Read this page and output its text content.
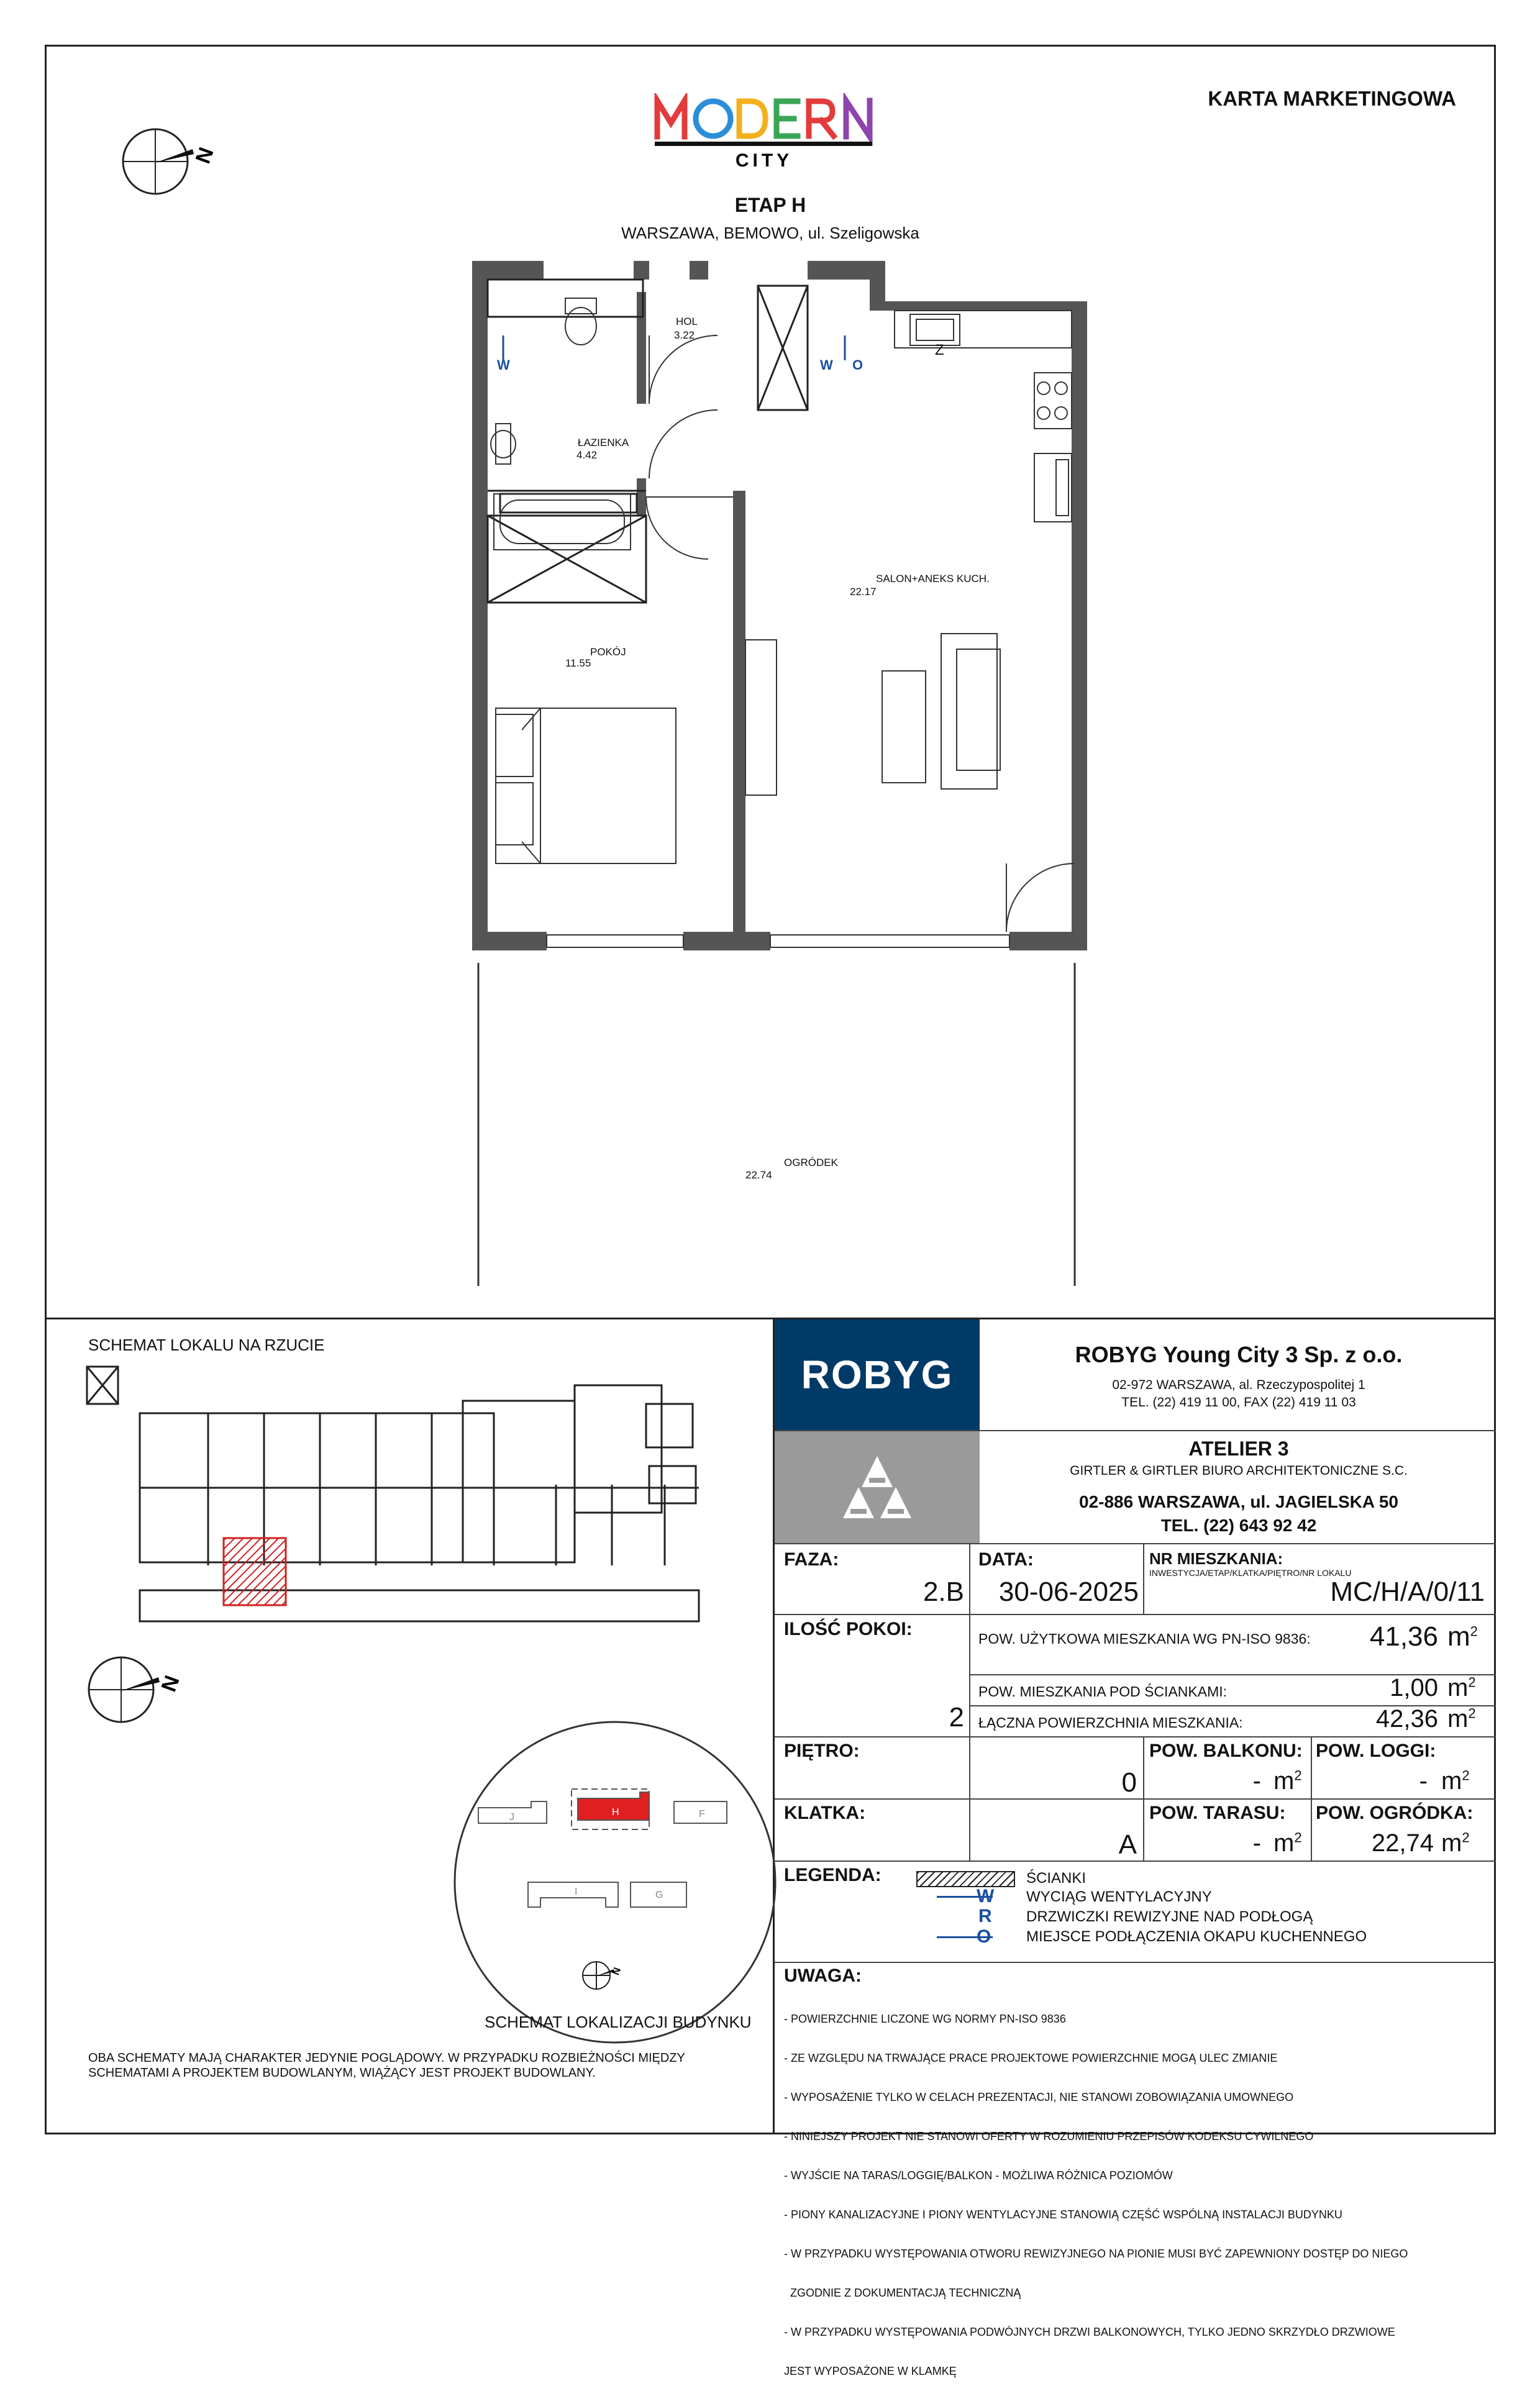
KARTA MARKETINGOWA
CITY
ETAP H
WARSZAWA, BEMOWO, ul. Szeligowska
N
HOL
3.22
ŁAZIENKA
4.42
SALON+ANEKS KUCH.
22.17
POKÓJ
11.55
OGRÓDEK
22.74
W	W O
Z
SCHEMAT LOKALU NA RZUCIE
N
J	H	F
I	G
N
SCHEMAT LOKALIZACJI BUDYNKU
OBA SCHEMATY MAJĄ CHARAKTER JEDYNIE POGLĄDOWY. W PRZYPADKU ROZBIEŻNOŚCI MIĘDZY
SCHEMATAMI A PROJEKTEM BUDOWLANYM, WIĄŻĄCY JEST PROJEKT BUDOWLANY.
ROBYG	ROBYG Young City 3 Sp. z o.o.
02-972 WARSZAWA, al. Rzeczypospolitej 1
TEL. (22) 419 11 00, FAX (22) 419 11 03
ATELIER 3
GIRTLER & GIRTLER BIURO ARCHITEKTONICZNE S.C.
02-886 WARSZAWA, ul. JAGIELSKA 50
TEL. (22) 643 92 42
FAZA:
2.B
DATA:
30-06-2025
NR MIESZKANIA:
INWESTYCJA/ETAP/KLATKA/PIĘTRO/NR LOKALU
MC/H/A/0/11
ILOŚĆ POKOI:
2
POW. UŻYTKOWA MIESZKANIA WG PN-ISO 9836:	41,36 $m^2$
POW. MIESZKANIA POD ŚCIANKAMI:	1,00 $m^2$
ŁĄCZNA POWIERZCHNIA MIESZKANIA:	42,36 $m^2$
PIĘTRO:
0
POW. BALKONU:
- $m^2$
POW. LOGGI:
- $m^2$
KLATKA:
A
POW. TARASU:
- $m^2$
POW. OGRÓDKA:
22,74 $m^2$
LEGENDA:	ŚCIANKI
W WYCIĄG WENTYLACYJNY
R DRZWICZKI REWIZYJNE NAD PODŁOGĄ
O MIEJSCE PODŁĄCZENIA OKAPU KUCHENNEGO
UWAGA:

- POWIERZCHNIE LICZONE WG NORMY PN-ISO 9836

- ZE WZGLĘDU NA TRWAJĄCE PRACE PROJEKTOWE POWIERZCHNIE MOGĄ ULEC ZMIANIE

- WYPOSAŻENIE TYLKO W CELACH PREZENTACJI, NIE STANOWI ZOBOWIĄZANIA UMOWNEGO

- NINIEJSZY PROJEKT NIE STANOWI OFERTY W ROZUMIENIU PRZEPISÓW KODEKSU CYWILNEGO

- WYJŚCIE NA TARAS/LOGGIĘ/BALKON - MOŻLIWA RÓŻNICA POZIOMÓW

- PIONY KANALIZACYJNE I PIONY WENTYLACYJNE STANOWIĄ CZĘŚĆ WSPÓLNĄ INSTALACJI BUDYNKU

- W PRZYPADKU WYSTĘPOWANIA OTWORU REWIZYJNEGO NA PIONIE MUSI BYĆ ZAPEWNIONY DOSTĘP DO NIEGO

ZGODNIE Z DOKUMENTACJĄ TECHNICZNĄ

- W PRZYPADKU WYSTĘPOWANIA PODWÓJNYCH DRZWI BALKONOWYCH, TYLKO JEDNO SKRZYDŁO DRZWIOWE

JEST WYPOSAŻONE W KLAMKĘ
